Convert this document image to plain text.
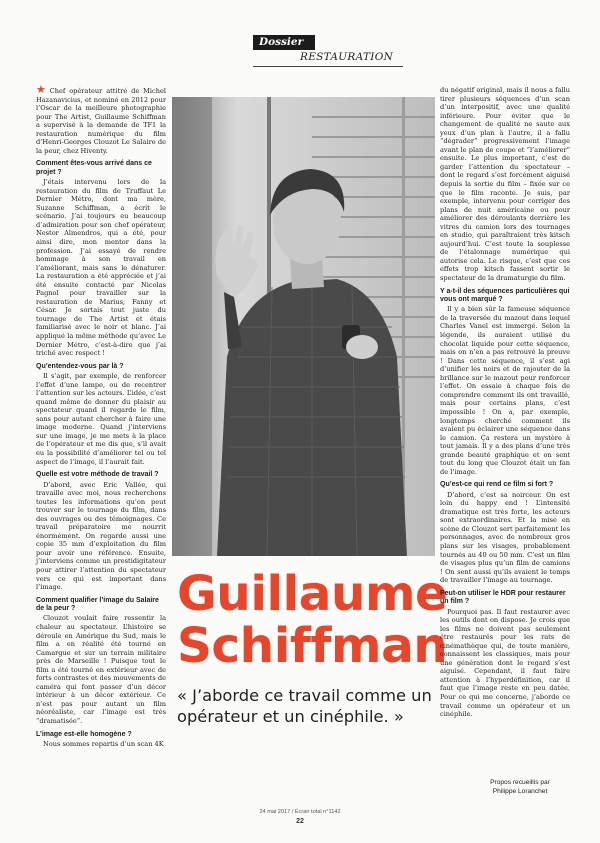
Dossier
RESTAURATION

★ Chef opérateur attitré de Michel Hazanavicius, et nominé en 2012 pour l’Oscar de la meilleure photographie pour The Artist, Guillaume Schiffman a supervisé à la demande de TF1 la restauration numérique du film d’Henri-Georges Clouzot Le Salaire de la peur, chez Hiventy.

Comment êtes-vous arrivé dans ce projet ?

J’étais intervenu lors de la restauration du film de Truffaut Le Dernier Métro, dont ma mère, Suzanne Schiffman, a écrit le scénario. J’ai toujours eu beaucoup d’admiration pour son chef opérateur, Nestor Almendros, qui a été, pour ainsi dire, mon mentor dans la profession. J’ai essayé de rendre hommage à son travail en l’améliorant, mais sans le dénaturer. La restauration a été appréciée et j’ai été ensuite contacté par Nicolas Pagnol pour travailler sur la restauration de Marius, Fanny et César. Je sortais tout juste du tournage de The Artist et étais familiarisé avec le noir et blanc. J’ai appliqué la même méthode qu’avec Le Dernier Métro, c’est-à-dire que j’ai triché avec respect !

Qu’entendez-vous par là ?

Il s’agit, par exemple, de renforcer l’effet d’une lampe, ou de recentrer l’attention sur les acteurs. L’idée, c’est quand même de donner du plaisir au spectateur quand il regarde le film, sans pour autant chercher à faire une image moderne. Quand j’interviens sur une image, je me mets à la place de l’opérateur et me dis que, s’il avait eu la possibilité d’améliorer tel ou tel aspect de l’image, il l’aurait fait.

Quelle est votre méthode de travail ?

D’abord, avec Eric Vallée, qui travaille avec moi, nous recherchons toutes les informations qu’on peut trouver sur le tournage du film, dans des ouvrages ou des témoignages. Ce travail préparatoire me nourrit énormément. On regarde aussi une copie 35 mm d’exploitation du film pour avoir une référence. Ensuite, j’interviens comme un prestidigitateur pour attirer l’attention du spectateur vers ce qui est important dans l’image.

Comment qualifier l’image du Salaire de la peur ?

Clouzot voulait faire ressentir la chaleur au spectateur. L’histoire se déroule en Amérique du Sud, mais le film a en réalité été tourné en Camargue et sur un terrain militaire près de Marseille ! Puisque tout le film a été tourné en extérieur avec de forts contrastes et des mouvements de caméra qui font passer d’un décor intérieur à un décor extérieur. Ce n’est pas pour autant un film néoréaliste, car l’image est très “dramatisée”.

L’image est-elle homogène ?

Nous sommes repartis d’un scan 4K

Guillaume
Schiffman
« J’aborde ce travail comme un opérateur et un cinéphile. »

du négatif original, mais il nous a fallu tirer plusieurs séquences d’un scan d’un interpositif, avec une qualité inférieure. Pour éviter que le changement de qualité ne saute aux yeux d’un plan à l’autre, il a fallu “dégrader” progressivement l’image avant le plan de coupe et “l’améliorer” ensuite. Le plus important, c’est de garder l’attention du spectateur – dont le regard s’est forcément aiguisé depuis la sortie du film – fixée sur ce que le film raconte. Je suis, par exemple, intervenu pour corriger des plans de nuit américaine ou pour améliorer des déroulants derrière les vitres du camion lors des tournages en studio, qui paraîtraient très kitsch aujourd’hui. C’est toute la souplesse de l’étalonnage numérique qui autorise cela. Le risque, c’est que ces effets trop kitsch fassent sortir le spectateur de la dramaturgie du film.

Y a-t-il des séquences particulières qui vous ont marqué ?

Il y a bien sûr la fameuse séquence de la traversée du mazout dans lequel Charles Vanel est immergé. Selon la légende, ils auraient utilisé du chocolat liquide pour cette séquence, mais on n’en a pas retrouvé la preuve ! Dans cette séquence, il s’est agi d’unifier les noirs et de rajouter de la brillance sur le mazout pour renforcer l’effet. On essaie à chaque fois de comprendre comment ils ont travaillé, mais pour certains plans, c’est impossible ! On a, par exemple, longtemps cherché comment ils avaient pu éclairer une séquence dans le camion. Ça restera un mystère à tout jamais. Il y a des plans d’une très grande beauté graphique et on sent tout du long que Clouzot était un fan de l’image.

Qu’est-ce qui rend ce film si fort ?

D’abord, c’est sa noirceur. On est loin du happy end ! L’intensité dramatique est très forte, les acteurs sont extraordinaires. Et la mise en scène de Clouzot sert parfaitement les personnages, avec de nombreux gros plans sur les visages, probablement tournés au 40 ou 50 mm. C’est un film de visages plus qu’un film de camions ! On sent aussi qu’ils avaient le temps de travailler l’image au tournage.

Peut-on utiliser le HDR pour restaurer un film ?

Pourquoi pas. Il faut restaurer avec les outils dont on dispose. Je crois que les films ne doivent pas seulement être restaurés pour les rats de cinémathèque qui, de toute manière, connaissent les classiques, mais pour une génération dont le regard s’est aiguisé. Cependant, il faut faire attention à l’hyperdéfinition, car il faut que l’image reste en peu datée. Pour ce qui me concerne, j’aborde ce travail comme un opérateur et un cinéphile.

Propos recueillis par
Philippe Loranchet
24 mai 2017 / Écran total n°1142
22
